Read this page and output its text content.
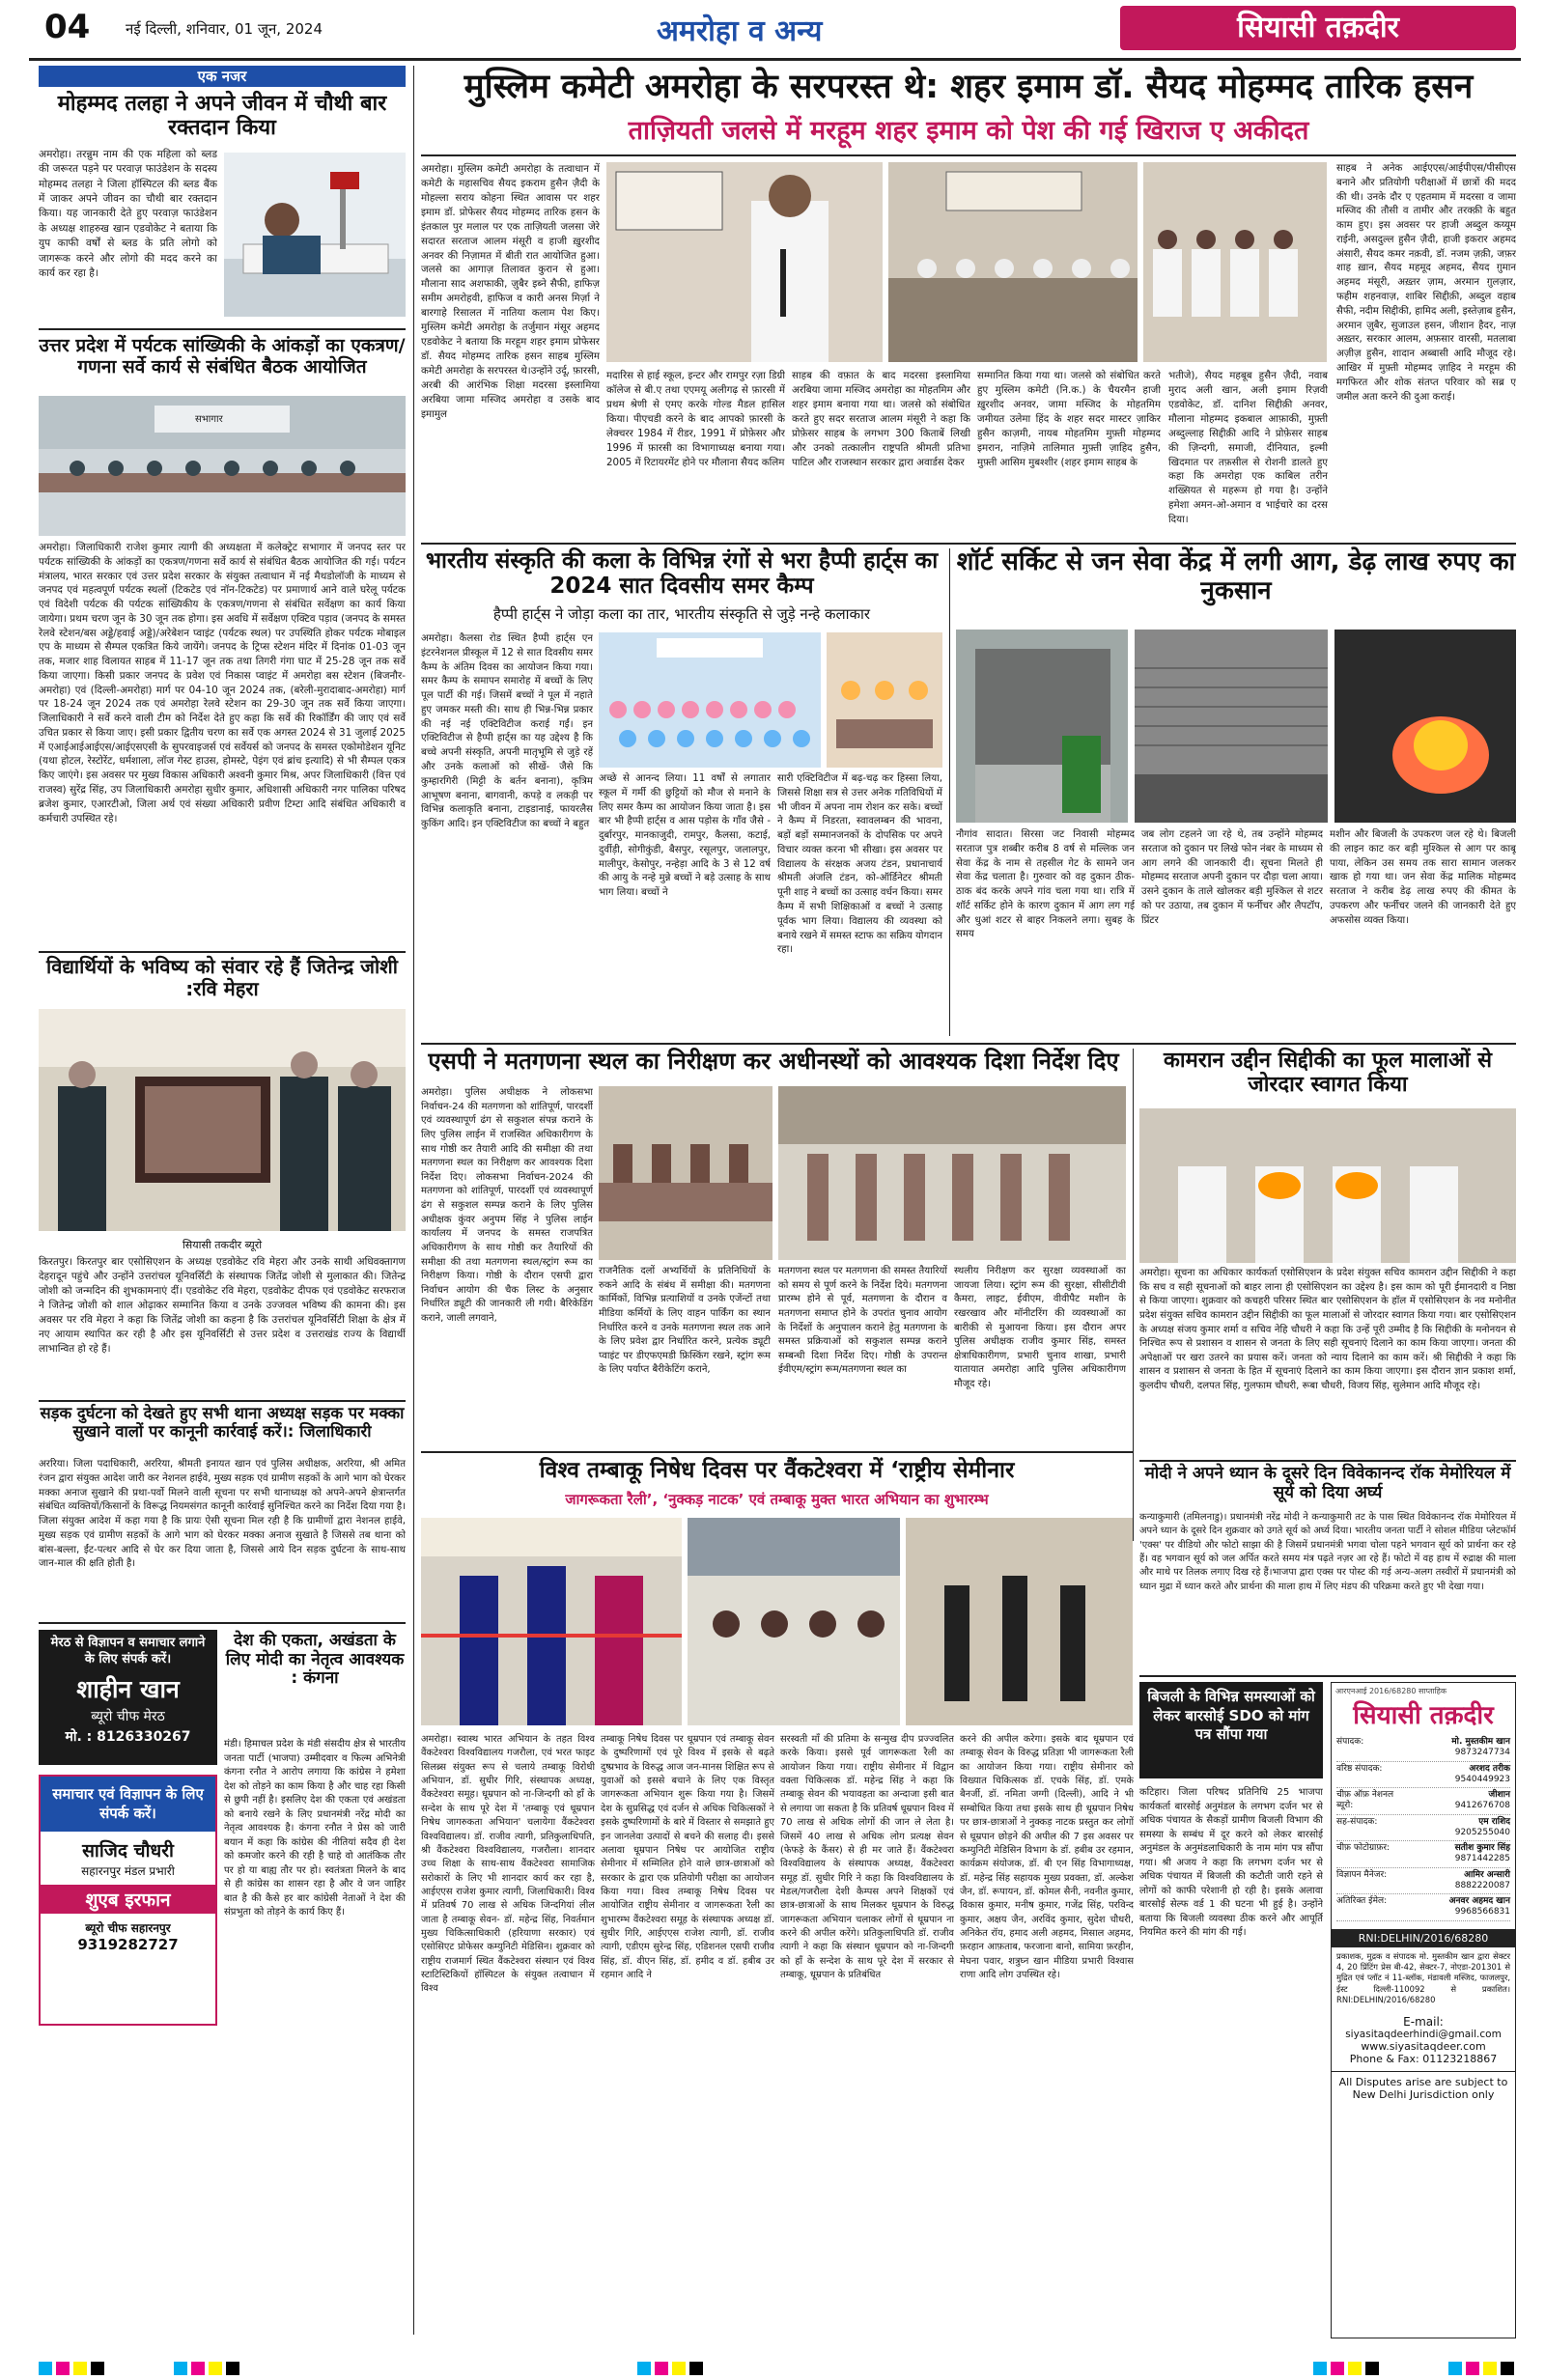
04 नई दिल्ली, शनिवार, 01 जून, 2024	अमरोहा व अन्य	सियासी तक़दीर
एक नजर
मोहम्मद तलहा ने अपने जीवन में चौथी बार रक्तदान किया
अमरोहा। तरन्नुम नाम की एक महिला को ब्लड की जरूरत पड़ने पर परवाज़ फाउंडेशन के सदस्य मोहम्मद तलहा ने जिला हॉस्पिटल की ब्लड बैंक में जाकर अपने जीवन का चौथी बार रक्तदान किया। यह जानकारी देते हुए परवाज़ फाउंडेशन के अध्यक्ष शाहरुख खान एडवोकेट ने बताया कि युप काफी वर्षों से ब्लड के प्रति लोगो को जागरूक करने और लोगो की मदद करने का कार्य कर रहा है।
उत्तर प्रदेश में पर्यटक सांख्यिकी के आंकड़ों का एकत्रण/गणना सर्वे कार्य से संबंधित बैठक आयोजित
सभागार
अमरोहा। जिलाधिकारी राजेश कुमार त्यागी की अध्यक्षता में कलेक्ट्रेट सभागार में जनपद स्तर पर पर्यटक सांख्यिकी के आंकड़ों का एकत्रण/गणना सर्वे कार्य से संबंधित बैठक आयोजित की गई। पर्यटन मंत्रालय, भारत सरकार एवं उत्तर प्रदेश सरकार के संयुक्त तत्वाधान में नई मैथडोलॉजी के माध्यम से जनपद एवं महत्वपूर्ण पर्यटक स्थलों (टिकटेड एवं नॉन-टिकटेड) पर प्रमाणार्थ आने वाले घरेलू पर्यटक एवं विदेशी पर्यटक की पर्यटक सांख्यिकीय के एकत्रण/गणना से संबंधित सर्वेक्षण का कार्य किया जायेगा। प्रथम चरण जून के 30 जून तक होगा। इस अवधि में सर्वेक्षण एक्टिव पड़ाव (जनपद के समस्त रेलवे स्टेशन/बस अड्डे/हवाई अड्डे)/अरेबेशन प्वाइंट (पर्यटक स्थल) पर उपस्थिति होकर पर्यटक मोबाइल एप के माध्यम से सैम्पल एकत्रित किये जायेंगे। जनपद के ट्रिप्स स्टेशन मंदिर में दिनांक 01-03 जून तक, मजार शाह विलायत साहब में 11-17 जून तक तथा तिगरी गंगा घाट में 25-28 जून तक सर्वे किया जाएगा। किसी प्रकार जनपद के प्रवेश एवं निकास प्वाइंट में अमरोहा बस स्टेशन (बिजनौर-अमरोहा) एवं (दिल्ली-अमरोहा) मार्ग पर 04-10 जून 2024 तक, (बरेली-मुरादाबाद-अमरोहा) मार्ग पर 18-24 जून 2024 तक एवं अमरोहा रेलवे स्टेशन का 29-30 जून तक सर्वे किया जाएगा। जिलाधिकारी ने सर्वे करने वाली टीम को निर्देश देते हुए कहा कि सर्वे की रिकॉर्डिंग की जाए एवं सर्वे उचित प्रकार से किया जाए। इसी प्रकार द्वितीय चरण का सर्वे एक अगस्त 2024 से 31 जुलाई 2025 में एआईआईआईएस/आईएसएसी के सुपरवाइजर्स एवं सर्वेयर्स को जनपद के समस्त एकोमोडेशन यूनिट (यथा होटल, रेस्टोरेंट, धर्मशाला, लॉज गेस्ट हाउस, होमस्टे, पेइंग एवं ब्रांच इत्यादि) से भी सैम्पल एकत्र किए जाएंगे। इस अवसर पर मुख्य विकास अधिकारी अश्वनी कुमार मिश्र, अपर जिलाधिकारी (वित्त एवं राजस्व) सुरेंद्र सिंह, उप जिलाधिकारी अमरोहा सुधीर कुमार, अधिशासी अधिकारी नगर पालिका परिषद ब्रजेश कुमार, एआरटीओ, जिला अर्थ एवं संख्या अधिकारी प्रवीण टिम्टा आदि संबंधित अधिकारी व कर्मचारी उपस्थित रहे।
विद्यार्थियों के भविष्य को संवार रहे हैं जितेन्द्र जोशी :रवि मेहरा
सियासी तकदीर ब्यूरो
किरतपुर। किरतपुर बार एसोसिएशन के अध्यक्ष एडवोकेट रवि मेहरा और उनके साथी अधिवक्तागण देहरादून पहुंचे और उन्होंने उत्तरांचल यूनिवर्सिटी के संस्थापक जितेंद्र जोशी से मुलाकात की। जितेन्द्र जोशी को जन्मदिन की शुभकामनाएं दीं। एडवोकेट रवि मेहरा, एडवोकेट दीपक एवं एडवोकेट सरफराज ने जितेन्द्र जोशी को शाल ओढ़ाकर सम्मानित किया व उनके उज्जवल भविष्य की कामना की। इस अवसर पर रवि मेहरा ने कहा कि जितेंद्र जोशी का कहना है कि उत्तरांचल यूनिवर्सिटी शिक्षा के क्षेत्र में नए आयाम स्थापित कर रही है और इस यूनिवर्सिटी से उत्तर प्रदेश व उत्तराखंड राज्य के विद्यार्थी लाभान्वित हो रहे हैं।
सड़क दुर्घटना को देखते हुए सभी थाना अध्यक्ष सड़क पर मक्का सुखाने वालों पर कानूनी कार्रवाई करें।: जिलाधिकारी
अररिया। जिला पदाधिकारी, अररिया, श्रीमती इनायत खान एवं पुलिस अधीक्षक, अररिया, श्री अमित रंजन द्वारा संयुक्त आदेश जारी कर नेशनल हाईवे, मुख्य सड़क एवं ग्रामीण सड़कों के आगे भाग को घेरकर मक्का अनाज सुखाने की प्रथा-पर्वो मिलने वाली सूचना पर सभी थानाध्यक्ष को अपने-अपने क्षेत्रान्तर्गत संबंधित व्यक्तियों/किसानों के विरूद्ध नियमसंगत कानूनी कार्रवाई सुनिश्चित करने का निर्देश दिया गया है। जिला संयुक्त आदेश में कहा गया है कि प्रायः ऐसी सूचना मिल रही है कि ग्रामीणों द्वारा नेशनल हाईवे, मुख्य सड़क एवं ग्रामीण सड़कों के आगे भाग को घेरकर मक्का अनाज सुखाते है जिससे तब थाना को बांस-बल्ला, ईंट-पत्थर आदि से घेर कर दिया जाता है, जिससे आये दिन सड़क दुर्घटना के साथ-साथ जान-माल की क्षति होती है।
मेरठ से विज्ञापन व समाचार लगाने के लिए संपर्क करें।
शाहीन खान
ब्यूरो चीफ मेरठ
मो. : 8126330267
समाचार एवं विज्ञापन के लिए संपर्क करें।
साजिद चौधरी
सहारनपुर मंडल प्रभारी
शुएब इरफान
ब्यूरो चीफ सहारनपुर
9319282727
देश की एकता, अखंडता के लिए मोदी का नेतृत्व आवश्यक : कंगना
मंडी। हिमाचल प्रदेश के मंडी संसदीय क्षेत्र से भारतीय जनता पार्टी (भाजपा) उम्मीदवार व फिल्म अभिनेत्री कंगना रनौत ने आरोप लगाया कि कांग्रेस ने हमेशा देश को तोड़ने का काम किया है और चाह रहा किसी से छुपी नहीं है। इसलिए देश की एकता एवं अखंडता को बनाये रखने के लिए प्रधानमंत्री नरेंद्र मोदी का नेतृत्व आवश्यक है। कंगना रनौत ने प्रेस को जारी बयान में कहा कि कांग्रेस की नीतियां सदैव ही देश को कमजोर करने की रही है चाहे वो आतंकिक तौर पर हो या बाह्य तौर पर हो। स्वतंत्रता मिलने के बाद से ही कांग्रेस का शासन रहा है और वे जन जाहिर बात है की कैसे हर बार कांग्रेसी नेताओं ने देश की संप्रभुता को तोड़ने के कार्य किए हैं।
मुस्लिम कमेटी अमरोहा के सरपरस्त थे: शहर इमाम डॉ. सैयद मोहम्मद तारिक हसन
ताज़ियती जलसे में मरहूम शहर इमाम को पेश की गई खिराज ए अकीदत
अमरोहा। मुस्लिम कमेटी अमरोहा के तत्वाधान में कमेटी के महासचिव सैयद इकराम हुसैन ज़ैदी के मोहल्ला सराय कोहना स्थित आवास पर शहर इमाम डॉ. प्रोफेसर सैयद मोहम्मद तारिक हसन के इंतकाल पुर मलाल पर एक ताज़ियती जलसा जेरे सदारत सरताज आलम मंसूरी व हाजी ख़ुरशीद अनवर की निज़ामत में बीती रात आयोजित हुआ। जलसे का आगाज़ तिलावत कुरान से हुआ। मौलाना साद अशफाकी, ज़ुबैर इब्ने सैफी, हाफिज़ समीम अमरोहवी, हाफिज व कारी अनस मिर्ज़ा ने बारगाहे रिसालत में नातिया कलाम पेश किए। मुस्लिम कमेटी अमरोहा के तर्जुमान मंसूर अहमद एडवोकेट ने बताया कि मरहूम शहर इमाम प्रोफेसर डॉ. सैयद मोहम्मद तारिक हसन साहब मुस्लिम कमेटी अमरोहा के सरपरस्त थे।उन्होंने उर्दू, फ़ारसी, अरबी की आरंभिक शिक्षा मदरसा इस्लामिया अरबिया जामा मस्जिद अमरोहा व उसके बाद इमामुल
मदारिस से हाई स्कूल, इन्टर और रामपुर रज़ा डिग्री कॉलेज से बी.ए तथा एएमयू अलीगढ़ से फ़ारसी में प्रथम श्रेणी से एमए करके गोल्ड मैडल हासिल किया। पीएचडी करने के बाद आपको फ़ारसी के लेक्चरर 1984 में रीडर, 1991 में प्रोफ़ेसर और 1996 में फ़ारसी का विभागाध्यक्ष बनाया गया। 2005 में रिटायरमेंट होने पर मौलाना सैयद कलिम
साहब की वफ़ात के बाद मदरसा इस्लामिया अरबिया जामा मस्जिद अमरोहा का मोहतमिम और शहर इमाम बनाया गया था। जलसे को संबोधित करते हुए सदर सरताज आलम मंसूरी ने कहा कि प्रोफ़ेसर साहब के लगभग 300 किताबें लिखी और उनको तत्कालीन राष्ट्रपति श्रीमती प्रतिभा पाटिल और राजस्थान सरकार द्वारा अवार्डस देकर
सम्मानित किया गया था। जलसे को संबोधित करते हुए मुस्लिम कमेटी (नि.क.) के चैयरमैन हाजी ख़ुरशीद अनवर, जामा मस्जिद के मोहतमिम जमीयत उलेमा हिंद के शहर सदर मास्टर ज़ाकिर हुसैन काज़मी, नायब मोहतमिम मुफ़्ती मोहम्मद इमरान, नाज़िमे तालिमात मुफ़्ती ज़ाहिद हुसैन, मुफ़्ती आसिम मुबश्शीर (शहर इमाम साहब के
भतीजे), सैयद महबूब हुसैन ज़ैदी, नवाब मुराद अली खान, अली इमाम रिज़वी एडवोकेट, डॉ. दानिश सिद्दीक़ी अनवर, मौलाना मोहम्मद इकबाल आफ़ाकी, मुफ़्ती अब्दुल्लाह सिद्दीक़ी आदि ने प्रोफ़ेसर साहब की ज़िन्दगी, समाजी, दीनियात, इल्मी खिदमात पर तफ़सील से रोशनी डालते हुए कहा कि अमरोहा एक काबिल तरीन शख्सियत से महरूम हो गया है। उन्होंने हमेशा अमन-ओ-अमान व भाईचारे का दरस दिया।
साहब ने अनेक आईएएस/आईपीएस/पीसीएस बनाने और प्रतियोगी परीक्षाओं में छात्रों की मदद की थी। उनके दौर ए एहतमाम में मदरसा व जामा मस्जिद की तौसी व तामीर और तरक्क़ी के बहुत काम हुए। इस अवसर पर हाजी अब्दुल कय्यूम राईनी, असदुल्ल हुसैन ज़ैदी, हाजी इकरार अहमद अंसारी, सैयद कमर नक़वी, डॉ. नजम ज़क़ी, जफ़र शाह ख़ान, सैयद महमूद अहमद, सैयद ग़ुमान अहमद मंसूरी, अख़्तर ज़ाम, अरमान ग़ुलज़ार, फहीम शहनवाज़, शाबिर सिद्दीक़ी, अब्दुल वहाब सैफी, नदीम सिद्दीकी, हामिद अली, इस्तेज़ाब हुसैन, अरमान ज़ुबैर, सुजाउल हसन, जीशान हैदर, नाज़ अख़्तर, सरकार आलम, अफ़सार वारसी, मतलाबा अज़ीज़ हुसैन, शादान अब्बासी आदि मौजूद रहे। आखिर में मुफ़्ती मोहम्मद ज़ाहिद ने मरहूम की मगफिरत और शोक संतप्त परिवार को सब्र ए जमील अता करने की दुआ कराई।
भारतीय संस्कृति की कला के विभिन्न रंगों से भरा हैप्पी हार्ट्स का 2024 सात दिवसीय समर कैम्प
हैप्पी हार्ट्स ने जोड़ा कला का तार, भारतीय संस्कृति से जुड़े नन्हे कलाकार
अमरोहा। कैलसा रोड स्थित हैप्पी हार्ट्स एन इंटरनेशनल प्रीस्कूल में 12 से सात दिवसीय समर कैम्प के अंतिम दिवस का आयोजन किया गया। समर कैम्प के समापन समारोह में बच्चों के लिए पूल पार्टी की गई। जिसमें बच्चों ने पूल में नहाते हुए जमकर मस्ती की। साथ ही भिन्न-भिन्न प्रकार की नई नई एक्टिविटीज कराई गईं। इन एक्टिविटीज से हैप्पी हार्ट्स का यह उद्देश्य है कि बच्चे अपनी संस्कृति, अपनी मातृभूमि से जुड़े रहें और उनके कलाओं को सीखें- जैसे कि कुम्हारगिरी (मिट्टी के बर्तन बनाना), कृत्रिम आभूषण बनाना, बागवानी, कपड़े व लकड़ी पर विभिन्न कलाकृति बनाना, टाइडानाई, फायरलैस कुकिंग आदि। इन एक्टिविटीज का बच्चों ने बहुत
अच्छे से आनन्द लिया। 11 वर्षों से लगातार स्कूल में गर्मी की छुट्टियों को मौज से मनाने के लिए समर कैम्प का आयोजन किया जाता है। इस बार भी हैप्पी हार्ट्स व आस पड़ोस के गाँव जैसे - दुर्बारपुर, मानकाजुदी, रामपुर, कैलसा, कटाई, दुर्वीड़ी, सोगीकुंडी, बैसपुर, रसूलपुर, जलालपुर, मालीपुर, केसोपुर, नन्हेड़ा आदि के 3 से 12 वर्ष की आयु के नन्हे मुन्ने बच्चों ने बड़े उत्साह के साथ भाग लिया। बच्चों ने
सारी एक्टिविटीज में बढ़-चढ़ कर हिस्सा लिया, जिससे शिक्षा सत्र से उत्तर अनेक गतिविधियों में भी जीवन में अपना नाम रोशन कर सके। बच्चों ने कैम्प में निडरता, स्वावलम्बन की भावना, बड़ों बड़ों सम्मानजनकों के दोपसिक पर अपने विचार व्यक्त करना भी सीखा। इस अवसर पर विद्यालय के संरक्षक अजय टंडन, प्रधानाचार्य श्रीमती अंजलि टंडन, को-ऑर्डिनेटर श्रीमती पूनी शाह ने बच्चों का उत्साह वर्धन किया। समर कैम्प में सभी शिक्षिकाओं व बच्चों ने उत्साह पूर्वक भाग लिया। विद्यालय की व्यवस्था को बनाये रखने में समस्त स्टाफ का सक्रिय योगदान रहा।
शॉर्ट सर्किट से जन सेवा केंद्र में लगी आग, डेढ़ लाख रुपए का नुकसान
नौगांव सादात। सिरसा जट निवासी मोहम्मद सरताज पुत्र शब्बीर करीब 8 वर्ष से मल्लिक जन सेवा केंद्र के नाम से तहसील गेट के सामने जन सेवा केंद्र चलाता है। गुरुवार को वह दुकान ठीक-ठाक बंद करके अपने गांव चला गया था। रात्रि में शॉर्ट सर्किट होने के कारण दुकान में आग लग गई और धुआं शटर से बाहर निकलने लगा। सुबह के समय
जब लोग टहलने जा रहे थे, तब उन्होंने मोहम्मद सरताज को दुकान पर लिखे फोन नंबर के माध्यम से आग लगने की जानकारी दी। सूचना मिलते ही मोहम्मद सरताज अपनी दुकान पर दौड़ा चला आया। उसने दुकान के ताले खोलकर बड़ी मुश्किल से शटर को पर उठाया, तब दुकान में फर्नीचर और लैपटॉप, प्रिंटर
मशीन और बिजली के उपकरण जल रहे थे। बिजली की लाइन काट कर बड़ी मुश्किल से आग पर काबू पाया, लेकिन उस समय तक सारा सामान जलकर खाक हो गया था। जन सेवा केंद्र मालिक मोहम्मद सरताज ने करीब डेढ़ लाख रुपए की कीमत के उपकरण और फर्नीचर जलने की जानकारी देते हुए अफसोस व्यक्त किया।
एसपी ने मतगणना स्थल का निरीक्षण कर अधीनस्थों को आवश्यक दिशा निर्देश दिए
अमरोहा। पुलिस अधीक्षक ने लोकसभा निर्वाचन-24 की मतगणना को शांतिपूर्ण, पारदर्शी एवं व्यवस्थापूर्ण ढंग से सकुशल संपन्न कराने के लिए पुलिस लाईन में राजस्वित अधिकारीगण के साथ गोष्ठी कर तैयारी आदि की समीक्षा की तथा मतगणना स्थल का निरीक्षण कर आवश्यक दिशा निर्देश दिए। लोकसभा निर्वाचन-2024 की मतगणना को शांतिपूर्ण, पारदर्शी एवं व्यवस्थापूर्ण ढंग से सकुशल सम्पन्न कराने के लिए पुलिस अधीक्षक कुंवर अनुपम सिंह ने पुलिस लाईन कार्यालय में जनपद के समस्त राजपत्रित अधिकारीगण के साथ गोष्ठी कर तैयारियों की समीक्षा की तथा मतगणना स्थल/स्ट्रांग रूम का निरीक्षण किया। गोष्ठी के दौरान एसपी द्वारा निर्वाचन आयोग की चैक लिस्ट के अनुसार निर्धारित ड्यूटी की जानकारी ली गयी। बैरिकेडिंग कराने, जाली लगवाने,
राजनैतिक दलों अभ्यर्थियों के प्रतिनिधियों के रुकने आदि के संबंध में समीक्षा की। मतगणना कार्मिकों, विभिन्न प्रत्याशियों व उनके एजेंन्टों तथा मीडिया कर्मियों के लिए वाहन पार्किंग का स्थान निर्धारित करने व उनके मतगणना स्थल तक आने के लिए प्रवेश द्वार निर्धारित करने, प्रत्येक ड्यूटी प्वाइंट पर डीएफएमडी फ्रिस्किंग रखने, स्ट्रांग रूम के लिए पर्याप्त बैरीकेटिंग कराने,
मतगणना स्थल पर मतगणना की समस्त तैयारियों को समय से पूर्ण करने के निर्देश दिये। मतगणना प्रारम्भ होने से पूर्व, मतगणना के दौरान व मतगणना समाप्त होने के उपरांत चुनाव आयोग के निर्देशों के अनुपालन कराने हेतु मतगणना के समस्त प्रक्रियाओं को सकुशल सम्पन्न कराने सम्बन्धी दिशा निर्देश दिए। गोष्ठी के उपरान्त ईवीएम/स्ट्रांग रूम/मतगणना स्थल का
स्थलीय निरीक्षण कर सुरक्षा व्यवस्थाओं का जायजा लिया। स्ट्रांग रूम की सुरक्षा, सीसीटीवी कैमरा, लाइट, ईवीएम, वीवीपैट मशीन के रखरखाव और मॉनीटरिंग की व्यवस्थाओं का बारीकी से मुआयना किया। इस दौरान अपर पुलिस अधीक्षक राजीव कुमार सिंह, समस्त क्षेत्राधिकारीगण, प्रभारी चुनाव शाखा, प्रभारी यातायात अमरोहा आदि पुलिस अधिकारीगण मौजूद रहे।
कामरान उद्दीन सिद्दीकी का फूल मालाओं से जोरदार स्वागत किया
अमरोहा। सूचना का अधिकार कार्यकर्ता एसोसिएशन के प्रदेश संयुक्त सचिव कामरान उद्दीन सिद्दीकी ने कहा कि सच व सही सूचनाओं को बाहर लाना ही एसोसिएशन का उद्देश्य है। इस काम को पूरी ईमानदारी व निष्ठा से किया जाएगा। शुक्रवार को कचहरी परिसर स्थित बार एसोसिएशन के हॉल में एसोसिएशन के नव मनोनीत प्रदेश संयुक्त सचिव कामरान उद्दीन सिद्दीकी का फूल मालाओं से जोरदार स्वागत किया गया। बार एसोसिएशन के अध्यक्ष संजय कुमार शर्मा व सचिव नेहि चौधरी ने कहा कि उन्हें पूरी उम्मीद है कि सिद्दीकी के मनोनयन से निश्चित रूप से प्रशासन व शासन से जनता के लिए सही सूचनाएं दिलाने का काम किया जाएगा। जनता की अपेक्षाओं पर खरा उतरने का प्रयास करें। जनता को न्याय दिलाने का काम करें। श्री सिद्दीकी ने कहा कि शासन व प्रशासन से जनता के हित में सूचनाएं दिलाने का काम किया जाएगा। इस दौरान ज्ञान प्रकाश शर्मा, कुलदीप चौधरी, दलपत सिंह, गुलफाम चौधरी, रूबा चौधरी, विजय सिंह, सुलेमान आदि मौजूद रहे।
मोदी ने अपने ध्यान के दूसरे दिन विवेकानन्द रॉक मेमोरियल में सूर्य को दिया अर्घ्य
कन्याकुमारी (तमिलनाडु)। प्रधानमंत्री नरेंद्र मोदी ने कन्याकुमारी तट के पास स्थित विवेकानन्द रॉक मेमोरियल में अपने ध्यान के दूसरे दिन शुक्रवार को उगते सूर्य को अर्घ्य दिया। भारतीय जनता पार्टी ने सोशल मीडिया प्लेटफॉर्म 'एक्स' पर वीडियो और फोटो साझा की है जिसमें प्रधानमंत्री भगवा चोला पहने भगवान सूर्य को प्रार्थना कर रहे हैं। वह भगवान सूर्य को जल अर्पित करते समय मंत्र पढ़ते नज़र आ रहे हैं। फोटो में वह हाथ में रुद्राक्ष की माला और माथे पर तिलक लगाए दिख रहे हैं।भाजपा द्वारा एक्स पर पोस्ट की गई अन्य-अलग तस्वीरों में प्रधानमंत्री को ध्यान मुद्रा में ध्यान करते और प्रार्थना की माला हाथ में लिए मंडप की परिक्रमा करते हुए भी देखा गया।
विश्व तम्बाकू निषेध दिवस पर वैंकटेश्वरा में ‘राष्ट्रीय सेमीनार
जागरूकता रैली’, ‘नुक्कड़ नाटक’ एवं तम्बाकू मुक्त भारत अभियान का शुभारम्भ
अमरोहा। स्वास्थ भारत अभियान के तहत विश्व वैंकटेश्वरा विश्वविद्यालय गजरौला, एवं भरत फाइट सिलब्र्स संयुक्त रूप से चलाये तम्बाकू विरोधी अभियान, डॉ. सुधीर गिरि, संस्थापक अध्यक्ष, वैंकटेश्वरा समूह। धूम्रपान को ना-जिन्दगी को हाँ के सन्देश के साथ पूरे देश में 'तम्बाकू एवं धूम्रपान निषेध जागरुकता अभियान' चलायेगा वैंकटेश्वरा विश्वविद्यालय। डॉ. राजीव त्यागी, प्रतिकुलाधिपति, श्री वैंकटेश्वरा विश्वविद्यालय, गजरौला। शानदार उच्च शिक्षा के साथ-साथ वैंकटेश्वरा सामाजिक सरोकारों के लिए भी शानदार कार्य कर रहा है, आईएएस राजेश कुमार त्यागी, जिलाधिकारी। विश्व में प्रतिवर्ष 70 लाख से अधिक जिन्दगियां लील जाता है तम्बाकू सेवन- डॉ. महेन्द्र सिंह, निवर्तमान मुख्य चिकित्साधिकारी (हरियाणा सरकार) एवं एसोसिएट प्रोफेसर कम्युनिटी मेडिसिन। शुक्रवार को राष्ट्रीय राजमार्ग स्थित वैंकटेश्वरा संस्थान एवं विश्व स्टाटिस्टिकियों हॉस्पिटल के संयुक्त तत्वाधान में विश्व
तम्बाकू निषेध दिवस पर धूम्रपान एवं तम्बाकू सेवन के दुष्परिणामों एवं पूरे विश्व में इसके से बढ़ते दुष्प्रभाव के विरुद्ध आज जन-मानस शिक्षित रूप से युवाओं को इससे बचाने के लिए एक विस्तृत जागरूकता अभियान शुरू किया गया है। जिसमें देश के सुप्रसिद्ध एवं दर्जन से अधिक चिकित्सकों ने इसके दुष्परिणामों के बारे में विस्तार से समझाते हुए इन जानलेवा उत्पादों से बचने की सलाह दी। इससे अलावा धूम्रपान निषेध पर आयोजित राष्ट्रीय सेमीनार में सम्मिलित होने वाले छात्र-छात्राओं को सरकार के द्वारा एक प्रतियोगी परीक्षा का आयोजन किया गया। विश्व तम्बाकू निषेध दिवस पर आयोजित राष्ट्रीय सेमीनार व जागरूकता रैली का शुभारम्भ वैंकटेश्वरा समूह के संस्थापक अध्यक्ष डॉ. सुधीर गिरि, आईएएस राजेश त्यागी, डॉ. राजीव त्यागी, एडीएम सुरेन्द्र सिंह, एडिशनल एसपी राजीव सिंह, डॉ. वीएन सिंह, डॉ. हमीद व डॉ. हबीब उर रहमान आदि ने
सरस्वती माँ की प्रतिमा के सन्मुख दीप प्रज्ज्वलित करके किया। इससे पूर्व जागरूकता रैली का आयोजन किया गया। राष्ट्रीय सेमीनार में विद्वान वक्ता चिकित्सक डॉ. महेन्द्र सिंह ने कहा कि तम्बाकू सेवन की भयावहता का अन्दाजा इसी बात से लगाया जा सकता है कि प्रतिवर्ष धूम्रपान विश्व में 70 लाख से अधिक लोगों की जान ले लेता है। जिसमें 40 लाख से अधिक लोग प्रत्यक्ष सेवन (फेफड़े के कैंसर) से ही मर जाते हैं। वैंकटेश्वरा विश्वविद्यालय के संस्थापक अध्यक्ष, वैंकटेश्वरा समूह डॉ. सुधीर गिरि ने कहा कि विश्वविद्यालय के मेडल/गजरौला देशी कैम्पस अपने शिक्षकों एवं छात्र-छात्राओं के साथ मिलकर धूम्रपान के विरुद्ध जागरूकता अभियान चलाकर लोगों से धूम्रपान ना करने की अपील करेंगे। प्रतिकुलाधिपति डॉ. राजीव त्यागी ने कहा कि संस्थान धूम्रपान को ना-जिन्दगी को हाँ के सन्देश के साथ पूरे देश में सरकार से तम्बाकू, धूम्रपान के प्रतिबंधित
करने की अपील करेगा। इसके बाद धूम्रपान एवं तम्बाकू सेवन के विरुद्ध प्रतिज्ञा भी जागरूकता रैली का आयोजन किया गया। राष्ट्रीय सेमीनार को विख्यात चिकित्सक डॉ. एचके सिंह, डॉ. एमके बैनर्जी, डॉ. नमिता जग्गी (दिल्ली), आदि ने भी सम्बोधित किया तथा इसके साथ ही धूम्रपान निषेध पर छात्र-छात्राओं ने नुक्कड़ नाटक प्रस्तुत कर लोगों से धूम्रपान छोड़ने की अपील की 7 इस अवसर पर कम्युनिटी मेडिसिन विभाग के डॉ. हबीब उर रहमान, कार्यक्रम संयोजक, डॉ. बी एन सिंह विभागाध्यक्ष, डॉ. महेन्द्र सिंह सहायक मुख्य प्रवक्ता, डॉ. अल्केश जैन, डॉ. रूपायन, डॉ. कोमल सैनी, नवनीत कुमार, विकास कुमार, मनीष कुमार, गजेंद्र सिंह, परविन्द कुमार, अक्षय जैन, अरविंद कुमार, सुदेश चौधरी, अनिकेत रॉय, हमाद अली अहमद, मिसाल अहमद, फ़रहान आफ़ताब, फरजाना बानो, सामिया फ़रहीन, मेघना पवार, शत्रुघ्न खान मीडिया प्रभारी विश्वास राणा आदि लोग उपस्थित रहे।
बिजली के विभिन्न समस्याओं को लेकर बारसोई SDO को मांग पत्र सौंपा गया
कटिहार। जिला परिषद प्रतिनिधि 25 भाजपा कार्यकर्ता बारसोई अनुमंडल के लगभग दर्जन भर से अधिक पंचायत के सैकड़ों ग्रामीण बिजली विभाग की समस्या के सम्बंध में दूर करने को लेकर बारसोई अनुमंडल के अनुमंडलाधिकारी के नाम मांग पत्र सौंपा गया। श्री अजय ने कहा कि लगभग दर्जन भर से अधिक पंचायत में बिजली की कटौती जारी रहने से लोगों को काफी परेशानी हो रही है। इसके अलावा बारसोई सेल्फ वर्ड 1 की घटना भी हुई है। उन्होंने बताया कि बिजली व्यवस्था ठीक करने और आपूर्ति नियमित करने की मांग की गई।
आरएनआई 2016/68280 साप्ताहिक
सियासी तक़दीर
संपादक:	मो. मुस्तकीम खान
9873247734
वरिष्ठ संपादक:	अरशद तरीक
9540449923
चीफ़ ऑफ़ नेशनल ब्यूरो:
जीशान
9412676708
सह-संपादक:	एम राशिद
9205255040
चीफ़ फोटोग्राफ़र:	सतीश कुमार सिंह
9871442285
विज्ञापन मैनेजर:	आमिर अन्सारी
8882220087
अतिरिक्त ईमेल:	अनवर अहमद खान
9968566831
RNI:DELHIN/2016/68280
प्रकाशक, मुद्रक व संपादक मो. मुस्तकीम खान द्वारा सेक्टर 4, 20 प्रिंटिंग प्रेस बी-42, सेक्टर-7, नोएडा-201301 से मुद्रित एवं प्लॉट नं 11-ब्लॉक, मंडावली मस्जिद, फाजलपुर, ईस्ट दिल्ली-110092 से प्रकाशित। RNI:DELHIN/2016/68280
E-mail:
siyasitaqdeerhindi@gmail.com
www.siyasitaqdeer.com
Phone & Fax: 01123218867
All Disputes arise are subject to New Delhi Jurisdiction only
